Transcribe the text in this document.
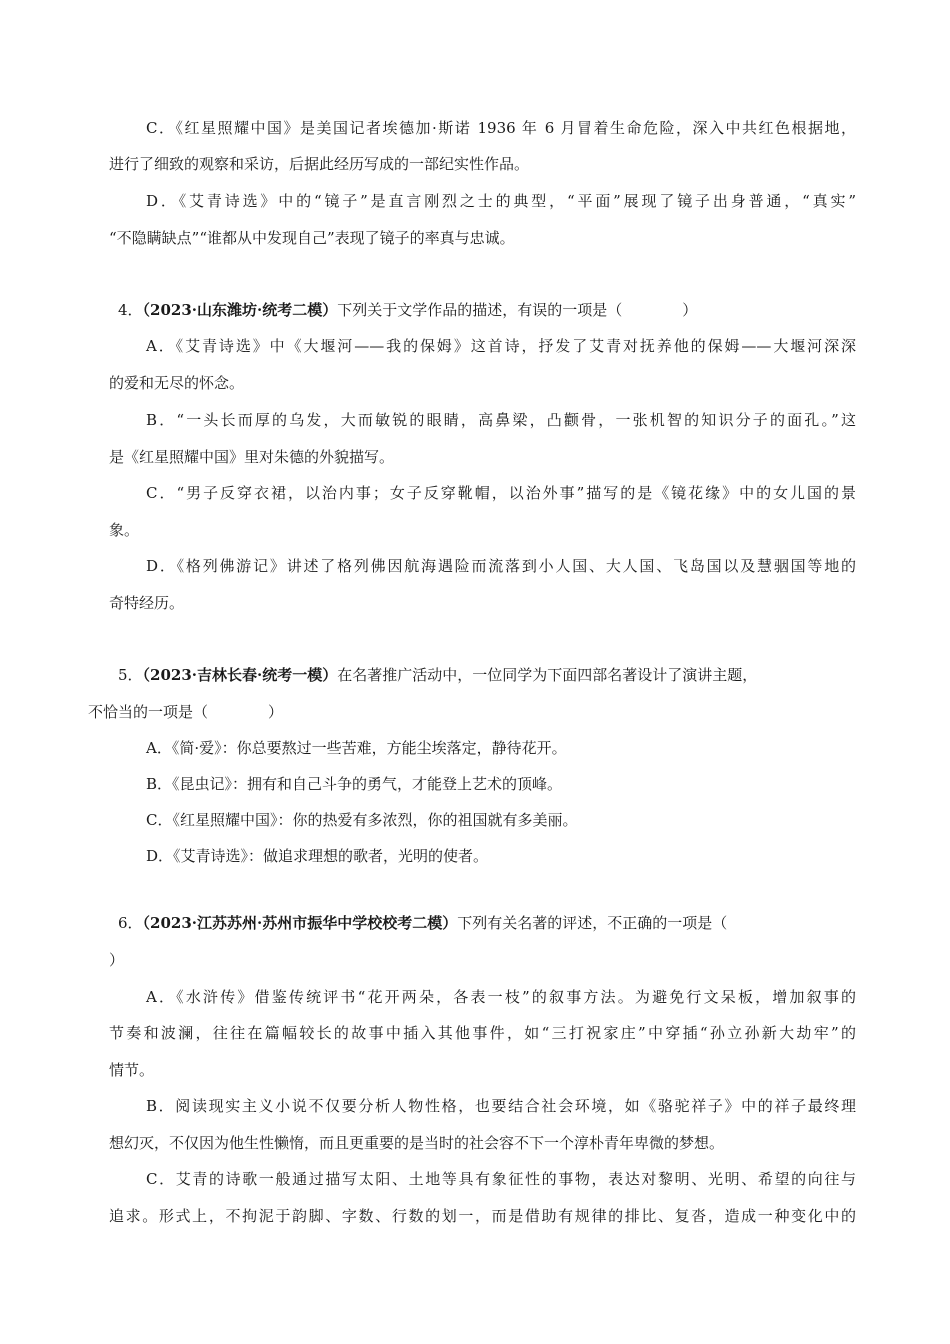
C．《红星照耀中国》是美国记者埃德加·斯诺 1936 年 6 月冒着生命危险，深入中共红色根据地，
进行了细致的观察和采访，后据此经历写成的一部纪实性作品。
D．《艾青诗选》中的“镜子”是直言刚烈之士的典型，“平面”展现了镜子出身普通，“真实”
“不隐瞒缺点”“谁都从中发现自己”表现了镜子的率真与忠诚。
4．（2023·山东潍坊·统考二模）下列关于文学作品的描述，有误的一项是（　　　　）
A．《艾青诗选》中《大堰河——我的保姆》这首诗，抒发了艾青对抚养他的保姆——大堰河深深
的爱和无尽的怀念。
B．“一头长而厚的乌发，大而敏锐的眼睛，高鼻梁，凸颧骨，一张机智的知识分子的面孔。”这
是《红星照耀中国》里对朱德的外貌描写。
C．“男子反穿衣裙，以治内事；女子反穿靴帽，以治外事”描写的是《镜花缘》中的女儿国的景
象。
D．《格列佛游记》讲述了格列佛因航海遇险而流落到小人国、大人国、飞岛国以及慧骃国等地的
奇特经历。
5．（2023·吉林长春·统考一模）在名著推广活动中，一位同学为下面四部名著设计了演讲主题，
不恰当的一项是（　　　　）
A．《简·爱》：你总要熬过一些苦难，方能尘埃落定，静待花开。
B．《昆虫记》：拥有和自己斗争的勇气，才能登上艺术的顶峰。
C．《红星照耀中国》：你的热爱有多浓烈，你的祖国就有多美丽。
D．《艾青诗选》：做追求理想的歌者，光明的使者。
6．（2023·江苏苏州·苏州市振华中学校校考二模）下列有关名著的评述，不正确的一项是（
）
A．《水浒传》借鉴传统评书“花开两朵，各表一枝”的叙事方法。为避免行文呆板，增加叙事的
节奏和波澜，往往在篇幅较长的故事中插入其他事件，如“三打祝家庄”中穿插“孙立孙新大劫牢”的
情节。
B．阅读现实主义小说不仅要分析人物性格，也要结合社会环境，如《骆驼祥子》中的祥子最终理
想幻灭，不仅因为他生性懒惰，而且更重要的是当时的社会容不下一个淳朴青年卑微的梦想。
C．艾青的诗歌一般通过描写太阳、土地等具有象征性的事物，表达对黎明、光明、希望的向往与
追求。形式上，不拘泥于韵脚、字数、行数的划一，而是借助有规律的排比、复沓，造成一种变化中的
